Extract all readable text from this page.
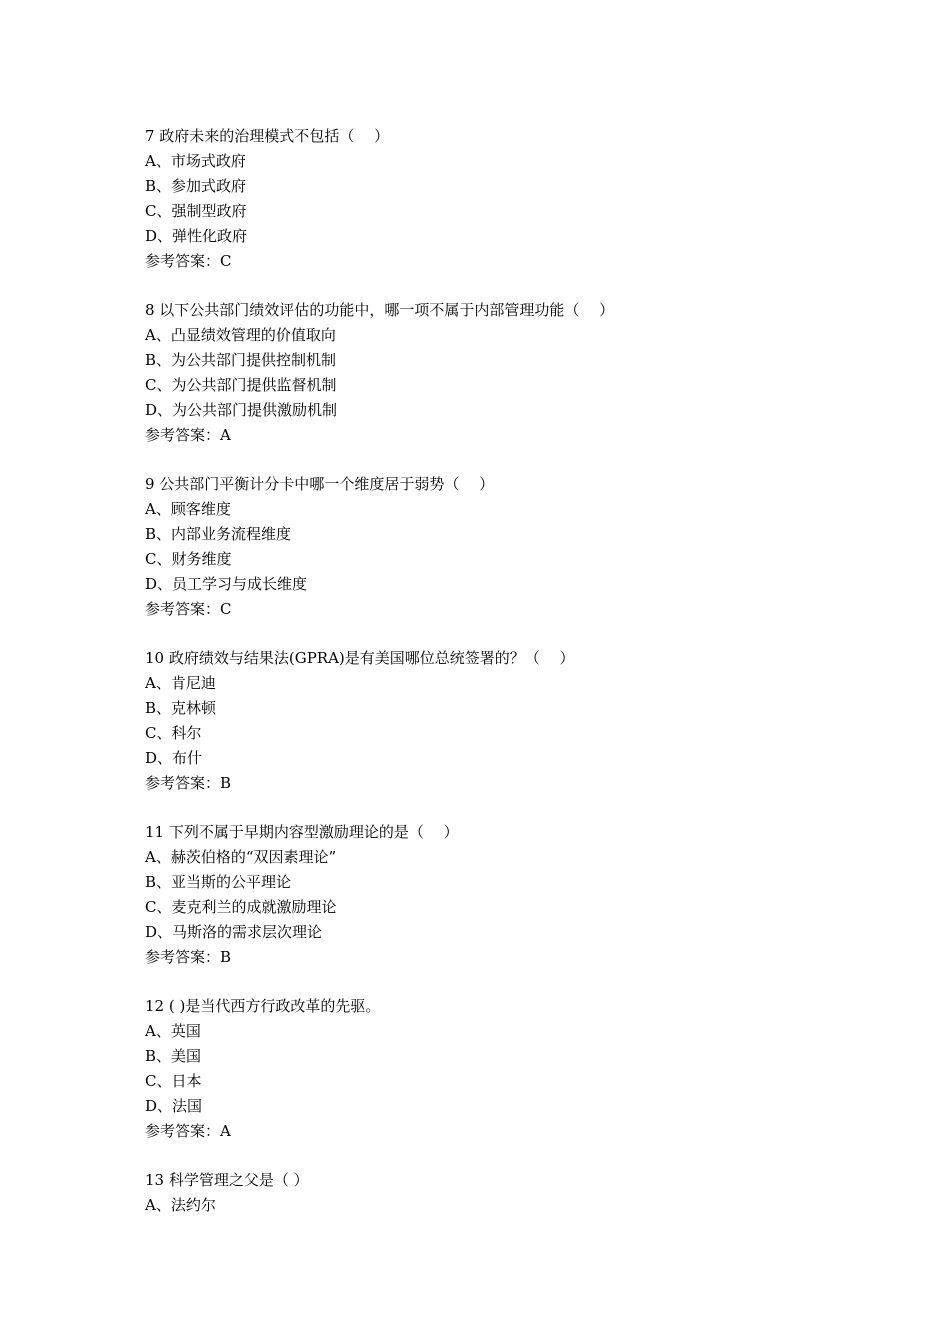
7 政府未来的治理模式不包括（　 ）
A、市场式政府
B、参加式政府
C、强制型政府
D、弹性化政府
参考答案：C
8 以下公共部门绩效评估的功能中，哪一项不属于内部管理功能（　 ）
A、凸显绩效管理的价值取向
B、为公共部门提供控制机制
C、为公共部门提供监督机制
D、为公共部门提供激励机制
参考答案：A
9 公共部门平衡计分卡中哪一个维度居于弱势（　 ）
A、顾客维度
B、内部业务流程维度
C、财务维度
D、员工学习与成长维度
参考答案：C
10 政府绩效与结果法(GPRA)是有美国哪位总统签署的？（　 ）
A、肯尼迪
B、克林顿
C、科尔
D、布什
参考答案：B
11 下列不属于早期内容型激励理论的是（　 ）
A、赫茨伯格的“双因素理论”
B、亚当斯的公平理论
C、麦克利兰的成就激励理论
D、马斯洛的需求层次理论
参考答案：B
12 ( )是当代西方行政改革的先驱。
A、英国
B、美国
C、日本
D、法国
参考答案：A
13 科学管理之父是（ ）
A、法约尔
